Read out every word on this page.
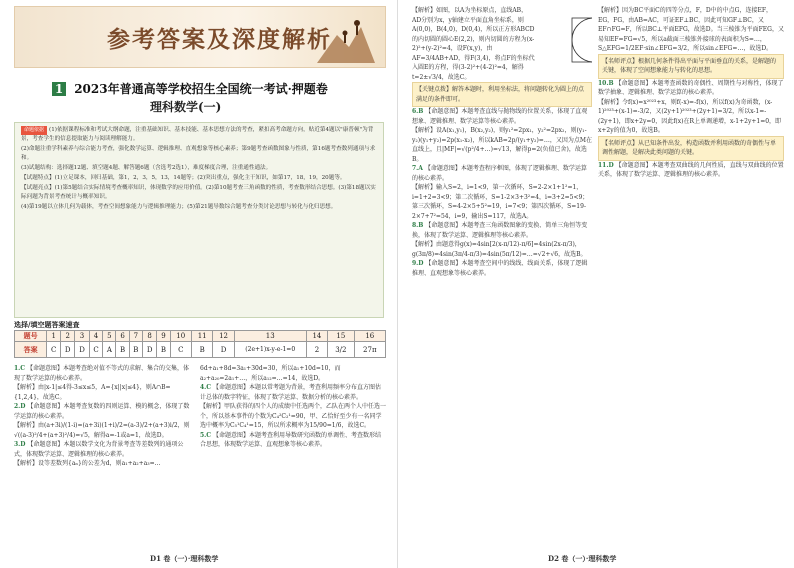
参考答案及深度解析
1 2023年普通高等学校招生全国统一考试·押题卷
理科数学(一)

命题依据 (1)依据课程标准和考试大纲命题，注重基础知识、基本技能、基本思想方法的考查，紧扣高考命题方向，贴近第4题以"康普顿"为背景，考查学生的信息提取能力与阅读理解能力。

(2)命题注重学科素养与综合能力考查，强化数学运算、逻辑推理、直观想象等核心素养；第9题考查函数图象与性质，第16题考查数列通项与求和。

(3)试题结构：选择题12题、填空题4题、解答题6题（含选考2选1），难度梯度合理，注重通性通法。

【试题特点】(1)立足课本，回归基础，第1，2，3，5，13，14题等；(2)突出重点，强化主干知识，如第17，18，19，20题等。

【试题亮点】(1)第5题结合实际情境考查概率知识，体现数学的应用价值。(2)第10题考查三角函数的性质，考查数形结合思想。(3)第18题以实际问题为背景考查统计与概率知识。

(4)第19题以立体几何为载体，考查空间想象能力与逻辑推理能力；(5)第21题导数综合题考查分类讨论思想与转化与化归思想。

选择/填空题答案速查
题号	1	2	3	4	5	6	7	8	9	10	11	12	13	14	15	16
答案	C	D	D	C	A	B	B	D	B	C	B	D	(2e+1)x-y-e-1=0	2	3/2	27π

1.C 【命题意图】本题考查绝对值不等式的求解、集合的交集，体现了数学运算的核心素养。

【解析】由|x-1|≤4得-3≤x≤5，A={x||x|≤4}，则A∩B={1,2,4}，故选C。

2.D 【命题意图】本题考查复数的四则运算、模的概念，体现了数学运算的核心素养。

【解析】由(a+3i)/(1-i)=(a+3i)(1+i)/2=(a-3)/2+(a+3)i/2，则√((a-3)²/4+(a+3)²/4)=√5，解得a=-1或a=1，故选D。

3.D 【命题意图】本题以数学文化为背景考查等差数列的通项公式，体现数学运算、逻辑推理的核心素养。

【解析】设等差数列{aₙ}的公差为d，则a₁+a₂+a₃=…

6d+a₁+8d=3a₁+30d=30，所以a₁+10d=10，而a₂+a₂₀=2a₁+…，所以a₁₂=…=14，故选D。

4.C 【命题意图】本题以常考题为背景，考查利用频率分布直方图估计总体的数字特征，体现了数学运算、数据分析的核心素养。

【解析】甲队获得的四个人的成绩中任选两个，乙队在两个人中任选一个，所以基本事件的个数为C₄²C₂¹=90，甲、乙恰好至少有一名同学选中概率为C₅¹C₄¹=15，所以所求概率为15/90=1/6，故选C。

5.C 【命题意图】本题考查利用导数研究函数的单调性、考查数形结合思想，体现数学运算、直观想象等核心素养。

D1 卷（一）·理科数学

【解析】如图，以A为坐标原点，直线AB，AD分别为x，y轴建立平面直角坐标系，则A(0,0)，B(4,0)，D(0,4)，所以正方形ABCD的内切圆的圆心E(2,2)，则内切圆的方程为(x-2)²+(y-2)²=4，设F(x,y)，由AF=3/4AB+AD，得F(3,4)，将点F的坐标代入圆E的方程，得(3-2)²+(4-2)²=4，解得t=2±√3/4，故选C。

【关键点拨】解答本题时，利用坐标法，将问题转化为圆上的点满足的条件即可。

6.B 【命题意图】本题考查直线与抛物线的位置关系，体现了直观想象、逻辑推理、数学运算等核心素养。

【解析】设A(x₁,y₁)，B(x₂,y₂)，则y₁²=2px₁，y₂²=2px₂，则(y₁-y₂)(y₁+y₂)=2p(x₁-x₂)，所以kAB=2p/(y₁+y₂)=…，又因为点M在直线上，且|MF|=√(p²/4+…)=√13，解得p=2(负值已舍)，故选B。

7.A 【命题意图】本题考查程序框图，体现了逻辑推理、数学运算的核心素养。

【解析】输入S=2，i=1<9，第一次循环，S=2-2×1+1²=1，i=1+2=3<9；第二次循环，S=1-2×3+3²=4，i=3+2=5<9；第三次循环，S=4-2×5+5²=19，i=7<9；第四次循环，S=19-2×7+7²=54，i=9，输出S=117，故选A。

8.B 【命题意图】本题考查三角函数图象的变换、简单三角恒等变换，体现了数学运算、逻辑推理等核心素养。

【解析】由题意得g(x)=4sin[2(x-π/12)-π/6]=4sin(2x-π/3)，g(3π/8)=4sin(3π/4-π/3)=4sin(5π/12)=…=√2+√6，故选B。

9.D 【命题意图】本题考查空间中的线线、线面关系，体现了逻辑推理、直观想象等核心素养。

【解析】因为BC平面C的四等分点，F，D中的中点G，连接EF，EG，FG，由AB=AC，可证EF⊥BC，因此可知GF⊥BC，又EF∩FG=F，所以BC⊥平面EFG，故选D。当三棱锥为平面FEG，又易知EF=FG=√5，所以a截面三棱锥外接球的表面积为S=…，S△EFG=1/2EF·sin∠EFG=3/2，所以sin∠EFG=…，故选D。

【名师评点】根据几何条件得出平面与平面垂直的关系，是解题的关键，体现了空间想象能力与转化的思想。

10.B 【命题意图】本题考查函数的奇偶性、周期性与对称性，体现了数学抽象、逻辑推理、数学运算的核心素养。

【解析】令f(x)=x²⁰²³+x，则f(-x)=-f(x)，所以f(x)为奇函数，(x-1)²⁰²³+(x-1)=-3/2，又(2y+1)²⁰²³+(2y+1)=3/2，所以x-1=-(2y+1)，即x+2y=0，因此f(x)在R上单调递增，x-1+2y+1=0，即x+2y的值为0，故选B。

【名师评点】从已知条件出发，构造函数并利用函数的奇偶性与单调性解题，是解决此类问题的关键。

11.D 【命题意图】本题考查双曲线的几何性质，直线与双曲线的位置关系，体现了数学运算、逻辑推理的核心素养。

D2 卷（一）·理科数学
